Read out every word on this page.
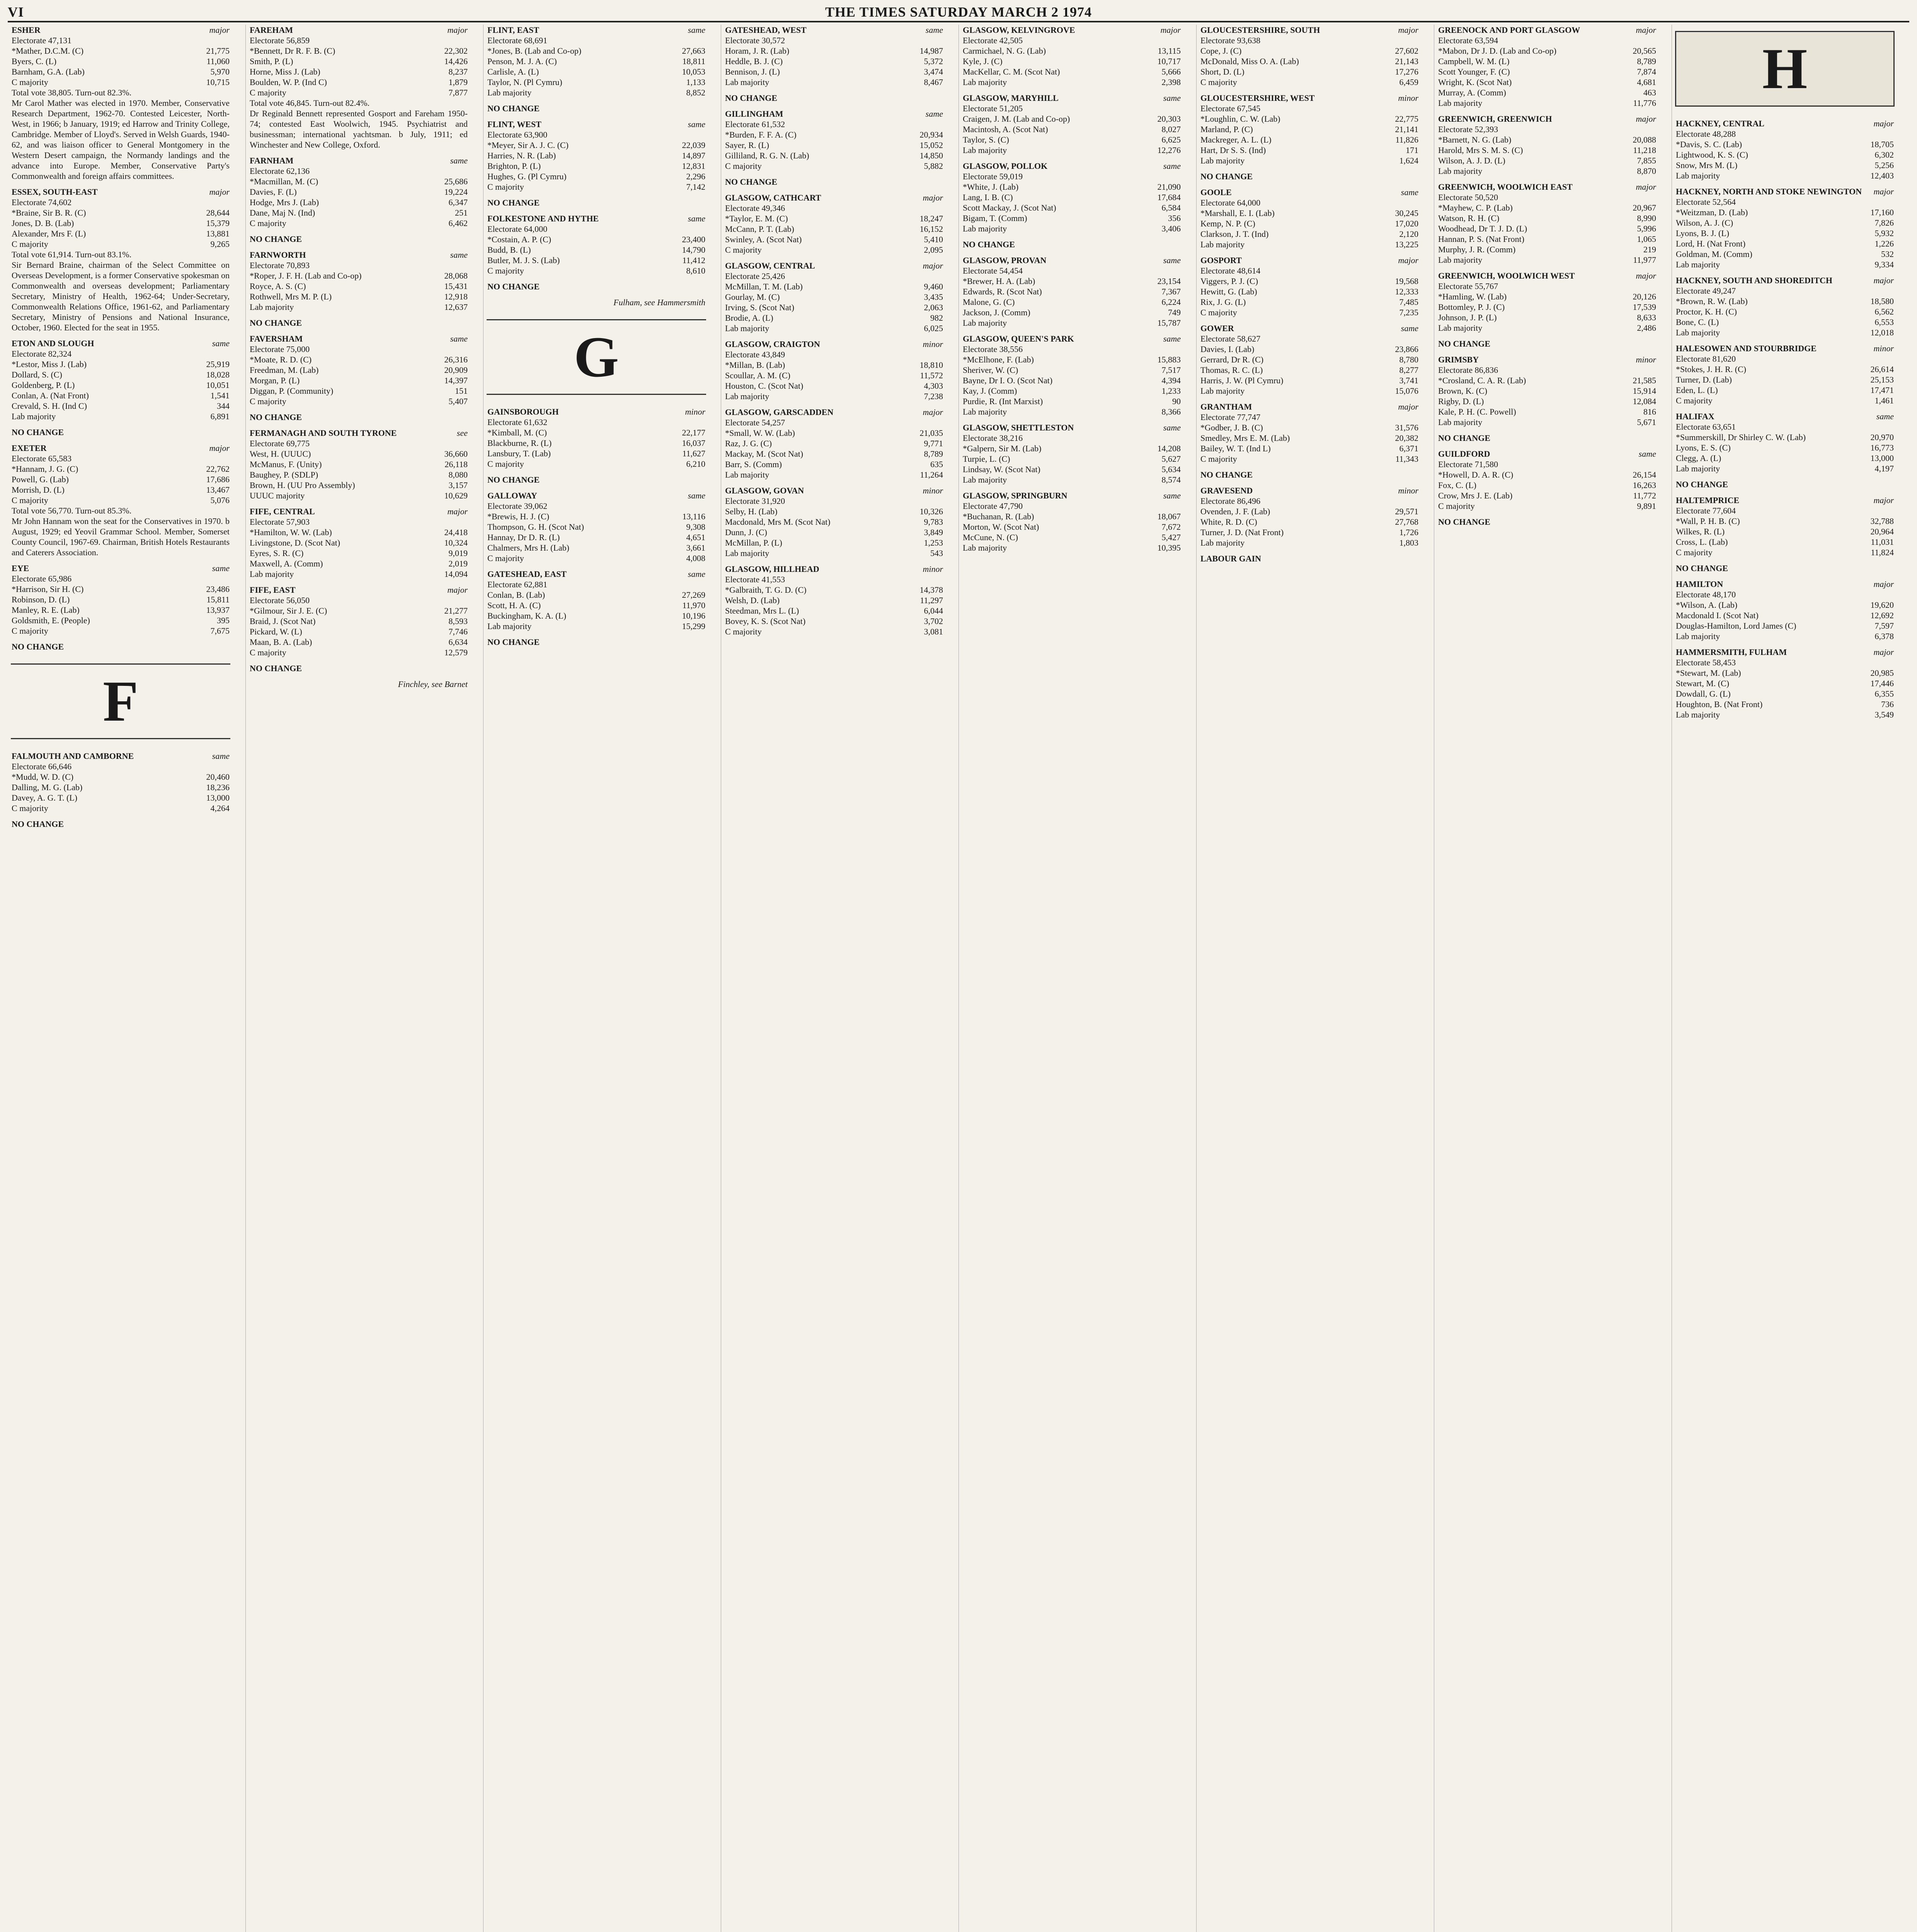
VI	THE TIMES SATURDAY MARCH 2 1974
ESHER	major
Electorate 47,131
*Mather, D.C.M. (C)	21,775
Byers, C. (L)	11,060
Barnham, G.A. (Lab)	5,970
C majority	10,715
Total vote 38,805. Turn-out 82.3%.
Mr Carol Mather was elected in 1970. Member, Conservative Research Department, 1962-70. Contested Leicester, North-West, in 1966; b January, 1919; ed Harrow and Trinity College, Cambridge. Member of Lloyd's. Served in Welsh Guards, 1940-62, and was liaison officer to General Montgomery in the Western Desert campaign, the Normandy landings and the advance into Europe. Member, Conservative Party's Commonwealth and foreign affairs committees.
ESSEX, SOUTH-EAST	major
Electorate 74,602
*Braine, Sir B. R. (C)	28,644
Jones, D. B. (Lab)	15,379
Alexander, Mrs F. (L)	13,881
C majority	9,265
Total vote 61,914. Turn-out 83.1%.
Sir Bernard Braine, chairman of the Select Committee on Overseas Development, is a former Conservative spokesman on Commonwealth and overseas development; Parliamentary Secretary, Ministry of Health, 1962-64; Under-Secretary, Commonwealth Relations Office, 1961-62, and Parliamentary Secretary, Ministry of Pensions and National Insurance, October, 1960. Elected for the seat in 1955.
ETON AND SLOUGH	same
Electorate 82,324
*Lestor, Miss J. (Lab)	25,919
Dollard, S. (C)	18,028
Goldenberg, P. (L)	10,051
Conlan, A. (Nat Front)	1,541
Crevald, S. H. (Ind C)	344
Lab majority	6,891
NO CHANGE
EXETER	major
Electorate 65,583
*Hannam, J. G. (C)	22,762
Powell, G. (Lab)	17,686
Morrish, D. (L)	13,467
C majority	5,076
Total vote 56,770. Turn-out 85.3%.
Mr John Hannam won the seat for the Conservatives in 1970. b August, 1929; ed Yeovil Grammar School. Member, Somerset County Council, 1967-69. Chairman, British Hotels Restaurants and Caterers Association.
EYE	same
Electorate 65,986
*Harrison, Sir H. (C)	23,486
Robinson, D. (L)	15,811
Manley, R. E. (Lab)	13,937
Goldsmith, E. (People)	395
C majority	7,675
NO CHANGE
F
FALMOUTH AND CAMBORNE	same
Electorate 66,646
*Mudd, W. D. (C)	20,460
Dalling, M. G. (Lab)	18,236
Davey, A. G. T. (L)	13,000
C majority	4,264
NO CHANGE
FAREHAM	major
Electorate 56,859
*Bennett, Dr R. F. B. (C)	22,302
Smith, P. (L)	14,426
Horne, Miss J. (Lab)	8,237
Boulden, W. P. (Ind C)	1,879
C majority	7,877
Total vote 46,845. Turn-out 82.4%.
Dr Reginald Bennett represented Gosport and Fareham 1950-74; contested East Woolwich, 1945. Psychiatrist and businessman; international yachtsman. b July, 1911; ed Winchester and New College, Oxford.
FARNHAM	same
Electorate 62,136
*Macmillan, M. (C)	25,686
Davies, F. (L)	19,224
Hodge, Mrs J. (Lab)	6,347
Dane, Maj N. (Ind)	251
C majority	6,462
NO CHANGE
FARNWORTH	same
Electorate 70,893
*Roper, J. F. H. (Lab and Co-op)	28,068
Royce, A. S. (C)	15,431
Rothwell, Mrs M. P. (L)	12,918
Lab majority	12,637
NO CHANGE
FAVERSHAM	same
Electorate 75,000
*Moate, R. D. (C)	26,316
Freedman, M. (Lab)	20,909
Morgan, P. (L)	14,397
Diggan, P. (Community)	151
C majority	5,407
NO CHANGE
FERMANAGH AND SOUTH TYRONE	see
Electorate 69,775
West, H. (UUUC)	36,660
McManus, F. (Unity)	26,118
Baughey, P. (SDLP)	8,080
Brown, H. (UU Pro Assembly)	3,157
UUUC majority	10,629
FIFE, CENTRAL	major
Electorate 57,903
*Hamilton, W. W. (Lab)	24,418
Livingstone, D. (Scot Nat)	10,324
Eyres, S. R. (C)	9,019
Maxwell, A. (Comm)	2,019
Lab majority	14,094
FIFE, EAST	major
Electorate 56,050
*Gilmour, Sir J. E. (C)	21,277
Braid, J. (Scot Nat)	8,593
Pickard, W. (L)	7,746
Maan, B. A. (Lab)	6,634
C majority	12,579
NO CHANGE
Finchley, see Barnet
FLINT, EAST	same
Electorate 68,691
*Jones, B. (Lab and Co-op)	27,663
Penson, M. J. A. (C)	18,811
Carlisle, A. (L)	10,053
Taylor, N. (Pl Cymru)	1,133
Lab majority	8,852
NO CHANGE
FLINT, WEST	same
Electorate 63,900
*Meyer, Sir A. J. C. (C)	22,039
Harries, N. R. (Lab)	14,897
Brighton, P. (L)	12,831
Hughes, G. (Pl Cymru)	2,296
C majority	7,142
NO CHANGE
FOLKESTONE AND HYTHE	same
Electorate 64,000
*Costain, A. P. (C)	23,400
Budd, B. (L)	14,790
Butler, M. J. S. (Lab)	11,412
C majority	8,610
NO CHANGE
Fulham, see Hammersmith
G
GAINSBOROUGH	minor
Electorate 61,632
*Kimball, M. (C)	22,177
Blackburne, R. (L)	16,037
Lansbury, T. (Lab)	11,627
C majority	6,210
NO CHANGE
GALLOWAY	same
Electorate 39,062
*Brewis, H. J. (C)	13,116
Thompson, G. H. (Scot Nat)	9,308
Hannay, Dr D. R. (L)	4,651
Chalmers, Mrs H. (Lab)	3,661
C majority	4,008
GATESHEAD, EAST	same
Electorate 62,881
Conlan, B. (Lab)	27,269
Scott, H. A. (C)	11,970
Buckingham, K. A. (L)	10,196
Lab majority	15,299
NO CHANGE
GATESHEAD, WEST	same
Electorate 30,572
Horam, J. R. (Lab)	14,987
Heddle, B. J. (C)	5,372
Bennison, J. (L)	3,474
Lab majority	8,467
NO CHANGE
GILLINGHAM	same
Electorate 61,532
*Burden, F. F. A. (C)	20,934
Sayer, R. (L)	15,052
Gilliland, R. G. N. (Lab)	14,850
C majority	5,882
NO CHANGE
GLASGOW, CATHCART	major
Electorate 49,346
*Taylor, E. M. (C)	18,247
McCann, P. T. (Lab)	16,152
Swinley, A. (Scot Nat)	5,410
C majority	2,095
GLASGOW, CENTRAL	major
Electorate 25,426
McMillan, T. M. (Lab)	9,460
Gourlay, M. (C)	3,435
Irving, S. (Scot Nat)	2,063
Brodie, A. (L)	982
Lab majority	6,025
GLASGOW, CRAIGTON	minor
Electorate 43,849
*Millan, B. (Lab)	18,810
Scoullar, A. M. (C)	11,572
Houston, C. (Scot Nat)	4,303
Lab majority	7,238
GLASGOW, GARSCADDEN	major
Electorate 54,257
*Small, W. W. (Lab)	21,035
Raz, J. G. (C)	9,771
Mackay, M. (Scot Nat)	8,789
Barr, S. (Comm)	635
Lab majority	11,264
GLASGOW, GOVAN	minor
Electorate 31,920
Selby, H. (Lab)	10,326
Macdonald, Mrs M. (Scot Nat)	9,783
Dunn, J. (C)	3,849
McMillan, P. (L)	1,253
Lab majority	543
GLASGOW, HILLHEAD	minor
Electorate 41,553
*Galbraith, T. G. D. (C)	14,378
Welsh, D. (Lab)	11,297
Steedman, Mrs L. (L)	6,044
Bovey, K. S. (Scot Nat)	3,702
C majority	3,081
GLASGOW, KELVINGROVE	major
Electorate 42,505
Carmichael, N. G. (Lab)	13,115
Kyle, J. (C)	10,717
MacKellar, C. M. (Scot Nat)	5,666
Lab majority	2,398
GLASGOW, MARYHILL	same
Electorate 51,205
Craigen, J. M. (Lab and Co-op)	20,303
Macintosh, A. (Scot Nat)	8,027
Taylor, S. (C)	6,625
Lab majority	12,276
GLASGOW, POLLOK	same
Electorate 59,019
*White, J. (Lab)	21,090
Lang, I. B. (C)	17,684
Scott Mackay, J. (Scot Nat)	6,584
Bigam, T. (Comm)	356
Lab majority	3,406
NO CHANGE
GLASGOW, PROVAN	same
Electorate 54,454
*Brewer, H. A. (Lab)	23,154
Edwards, R. (Scot Nat)	7,367
Malone, G. (C)	6,224
Jackson, J. (Comm)	749
Lab majority	15,787
GLASGOW, QUEEN'S PARK	same
Electorate 38,556
*McElhone, F. (Lab)	15,883
Sheriver, W. (C)	7,517
Bayne, Dr I. O. (Scot Nat)	4,394
Kay, J. (Comm)	1,233
Purdie, R. (Int Marxist)	90
Lab majority	8,366
GLASGOW, SHETTLESTON	same
Electorate 38,216
*Galpern, Sir M. (Lab)	14,208
Turpie, L. (C)	5,627
Lindsay, W. (Scot Nat)	5,634
Lab majority	8,574
GLASGOW, SPRINGBURN	same
Electorate 47,790
*Buchanan, R. (Lab)	18,067
Morton, W. (Scot Nat)	7,672
McCune, N. (C)	5,427
Lab majority	10,395
GLOUCESTERSHIRE, SOUTH	major
Electorate 93,638
Cope, J. (C)	27,602
McDonald, Miss O. A. (Lab)	21,143
Short, D. (L)	17,276
C majority	6,459
GLOUCESTERSHIRE, WEST	minor
Electorate 67,545
*Loughlin, C. W. (Lab)	22,775
Marland, P. (C)	21,141
Mackreger, A. L. (L)	11,826
Hart, Dr S. S. (Ind)	171
Lab majority	1,624
NO CHANGE
GOOLE	same
Electorate 64,000
*Marshall, E. I. (Lab)	30,245
Kemp, N. P. (C)	17,020
Clarkson, J. T. (Ind)	2,120
Lab majority	13,225
GOSPORT	major
Electorate 48,614
Viggers, P. J. (C)	19,568
Hewitt, G. (Lab)	12,333
Rix, J. G. (L)	7,485
C majority	7,235
GOWER	same
Electorate 58,627
Davies, I. (Lab)	23,866
Gerrard, Dr R. (C)	8,780
Thomas, R. C. (L)	8,277
Harris, J. W. (Pl Cymru)	3,741
Lab majority	15,076
GRANTHAM	major
Electorate 77,747
*Godber, J. B. (C)	31,576
Smedley, Mrs E. M. (Lab)	20,382
Bailey, W. T. (Ind L)	6,371
C majority	11,343
NO CHANGE
GRAVESEND	minor
Electorate 86,496
Ovenden, J. F. (Lab)	29,571
White, R. D. (C)	27,768
Turner, J. D. (Nat Front)	1,726
Lab majority	1,803
LABOUR GAIN
GREENOCK AND PORT GLASGOW	major
Electorate 63,594
*Mabon, Dr J. D. (Lab and Co-op)	20,565
Campbell, W. M. (L)	8,789
Scott Younger, F. (C)	7,874
Wright, K. (Scot Nat)	4,681
Murray, A. (Comm)	463
Lab majority	11,776
GREENWICH, GREENWICH	major
Electorate 52,393
*Barnett, N. G. (Lab)	20,088
Harold, Mrs S. M. S. (C)	11,218
Wilson, A. J. D. (L)	7,855
Lab majority	8,870
GREENWICH, WOOLWICH EAST	major
Electorate 50,520
*Mayhew, C. P. (Lab)	20,967
Watson, R. H. (C)	8,990
Woodhead, Dr T. J. D. (L)	5,996
Hannan, P. S. (Nat Front)	1,065
Murphy, J. R. (Comm)	219
Lab majority	11,977
GREENWICH, WOOLWICH WEST	major
Electorate 55,767
*Hamling, W. (Lab)	20,126
Bottomley, P. J. (C)	17,539
Johnson, J. P. (L)	8,633
Lab majority	2,486
NO CHANGE
GRIMSBY	minor
Electorate 86,836
*Crosland, C. A. R. (Lab)	21,585
Brown, K. (C)	15,914
Rigby, D. (L)	12,084
Kale, P. H. (C. Powell)	816
Lab majority	5,671
NO CHANGE
GUILDFORD	same
Electorate 71,580
*Howell, D. A. R. (C)	26,154
Fox, C. (L)	16,263
Crow, Mrs J. E. (Lab)	11,772
C majority	9,891
NO CHANGE
H
HACKNEY, CENTRAL	major
Electorate 48,288
*Davis, S. C. (Lab)	18,705
Lightwood, K. S. (C)	6,302
Snow, Mrs M. (L)	5,256
Lab majority	12,403
HACKNEY, NORTH AND STOKE NEWINGTON major
Electorate 52,564
*Weitzman, D. (Lab)	17,160
Wilson, A. J. (C)	7,826
Lyons, B. J. (L)	5,932
Lord, H. (Nat Front)	1,226
Goldman, M. (Comm)	532
Lab majority	9,334
HACKNEY, SOUTH AND SHOREDITCH	major
Electorate 49,247
*Brown, R. W. (Lab)	18,580
Proctor, K. H. (C)	6,562
Bone, C. (L)	6,553
Lab majority	12,018
HALESOWEN AND STOURBRIDGE	minor
Electorate 81,620
*Stokes, J. H. R. (C)	26,614
Turner, D. (Lab)	25,153
Eden, L. (L)	17,471
C majority	1,461
HALIFAX	same
Electorate 63,651
*Summerskill, Dr Shirley C. W. (Lab)	20,970
Lyons, E. S. (C)	16,773
Clegg, A. (L)	13,000
Lab majority	4,197
NO CHANGE
HALTEMPRICE	major
Electorate 77,604
*Wall, P. H. B. (C)	32,788
Wilkes, R. (L)	20,964
Cross, L. (Lab)	11,031
C majority	11,824
NO CHANGE
HAMILTON	major
Electorate 48,170
*Wilson, A. (Lab)	19,620
Macdonald I. (Scot Nat)	12,692
Douglas-Hamilton, Lord James (C)	7,597
Lab majority	6,378
HAMMERSMITH, FULHAM	major
Electorate 58,453
*Stewart, M. (Lab)	20,985
Stewart, M. (C)	17,446
Dowdall, G. (L)	6,355
Houghton, B. (Nat Front)	736
Lab majority	3,549
